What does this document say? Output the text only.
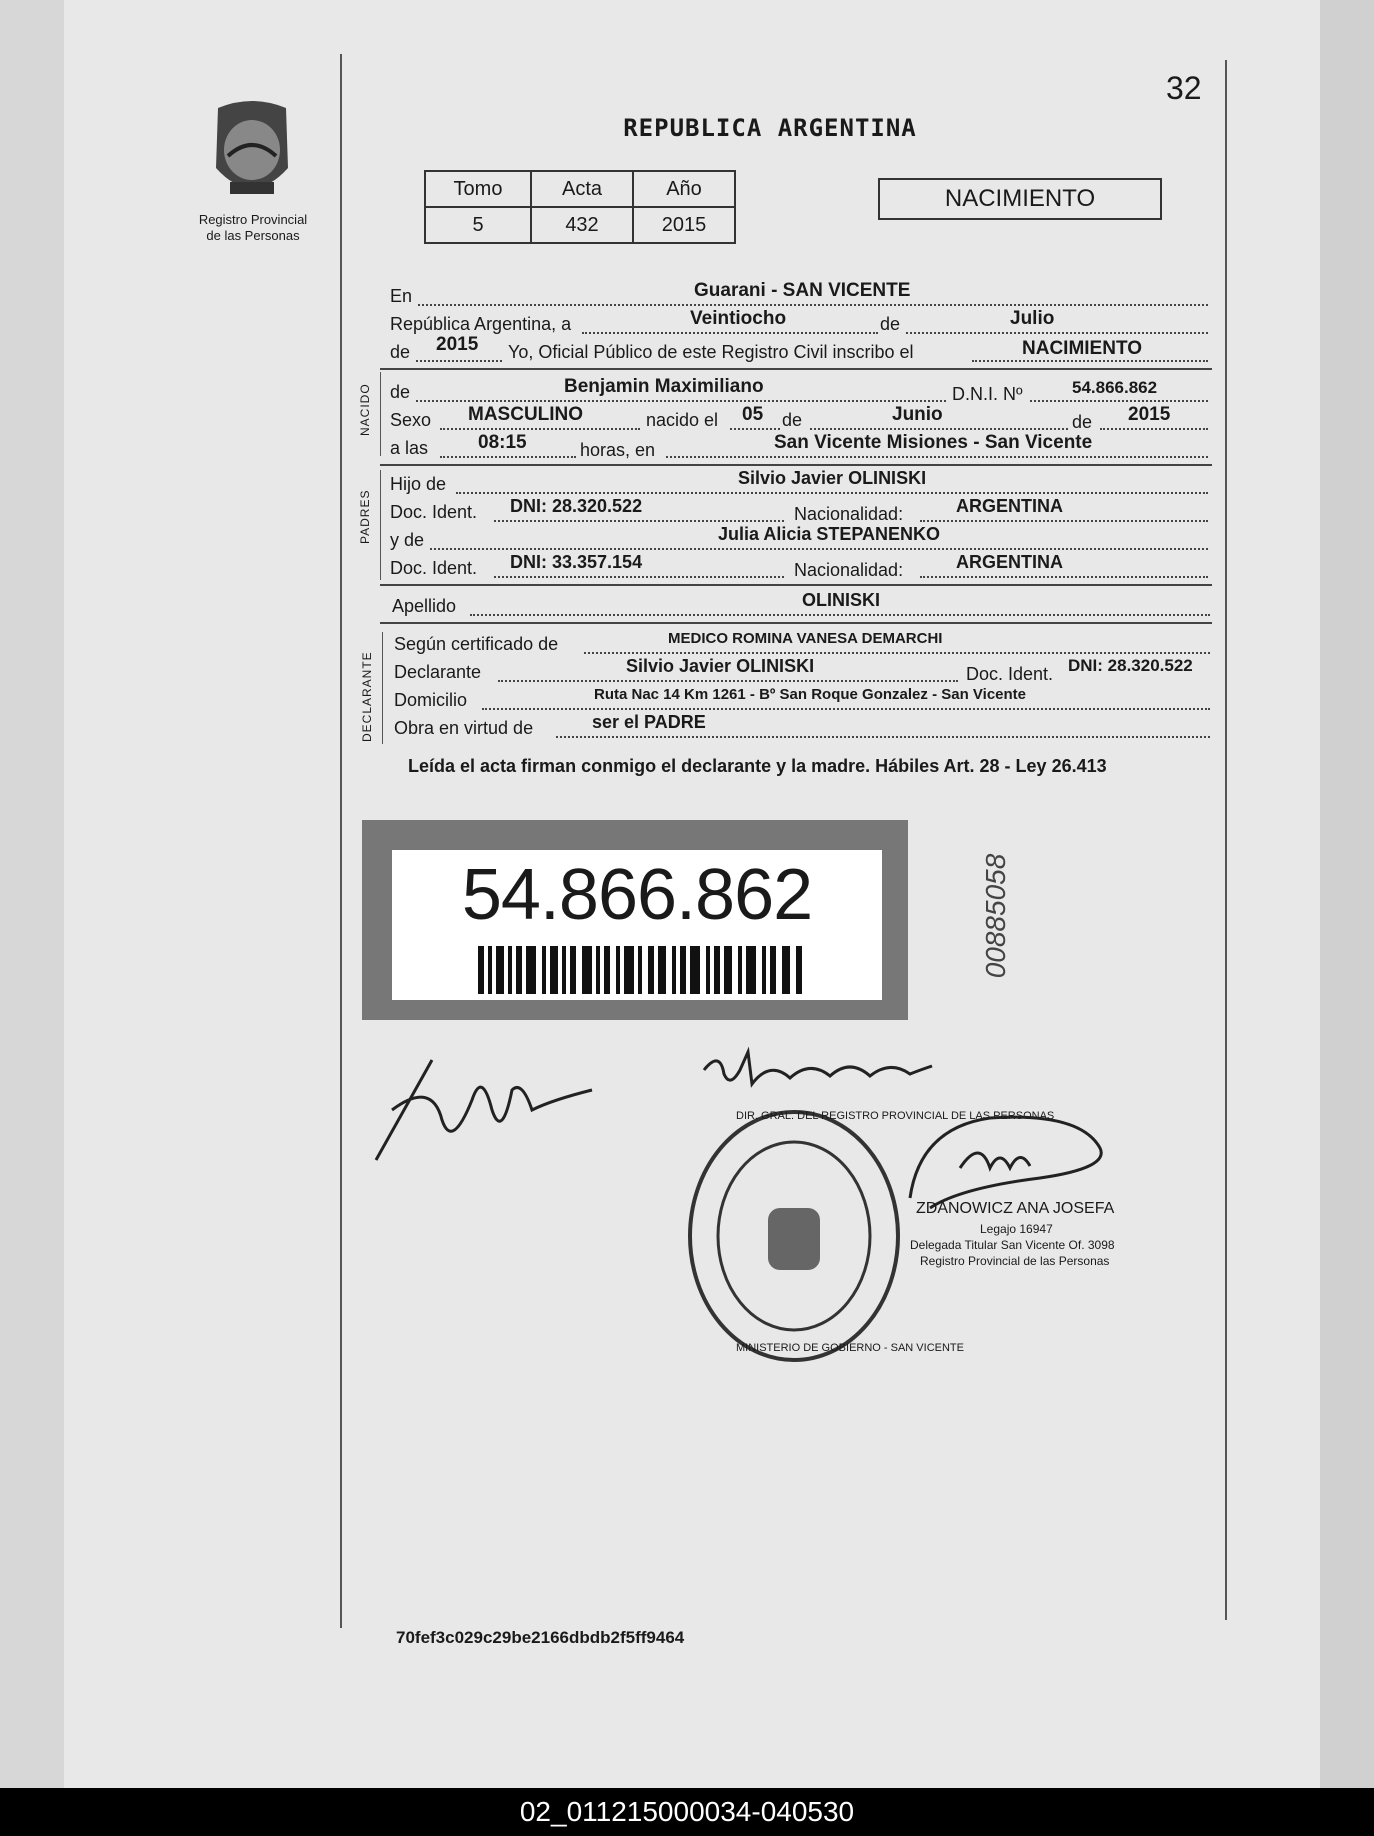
Registro Provincial
de las Personas
32
REPUBLICA ARGENTINA
Tomo	Acta	Año
5	432	2015
NACIMIENTO
En	Guarani - SAN VICENTE
República Argentina, a	Veintiocho	de	Julio
de 2015 Yo, Oficial Público de este Registro Civil inscribo el	NACIMIENTO
NACIDO de	Benjamin Maximiliano	D.N.I. Nº	54.866.862
Sexo MASCULINO	nacido el 05 de	Junio	de 2015
a las	08:15	horas, en	San Vicente Misiones - San Vicente
PADRES
Hijo de	Silvio Javier OLINISKI
Doc. Ident. DNI: 28.320.522	Nacionalidad:	ARGENTINA
y de	Julia Alicia STEPANENKO
Doc. Ident. DNI: 33.357.154	Nacionalidad:	ARGENTINA
Apellido	OLINISKI
DECLARANTE
Según certificado de	MEDICO ROMINA VANESA DEMARCHI
Declarante	Silvio Javier OLINISKI	Doc. Ident. DNI: 28.320.522
Domicilio	Ruta Nac 14 Km 1261 - Bº San Roque Gonzalez - San Vicente
Obra en virtud de	ser el PADRE
Leída el acta firman conmigo el declarante y la madre. Hábiles Art. 28 - Ley 26.413
54.866.862	00885058
DIR. GRAL. DEL REGISTRO PROVINCIAL DE LAS PERSONAS
MINISTERIO DE GOBIERNO - SAN VICENTE
ZDANOWICZ ANA JOSEFA
Legajo 16947
Delegada Titular San Vicente Of. 3098
Registro Provincial de las Personas
70fef3c029c29be2166dbdb2f5ff9464
02_011215000034-040530
